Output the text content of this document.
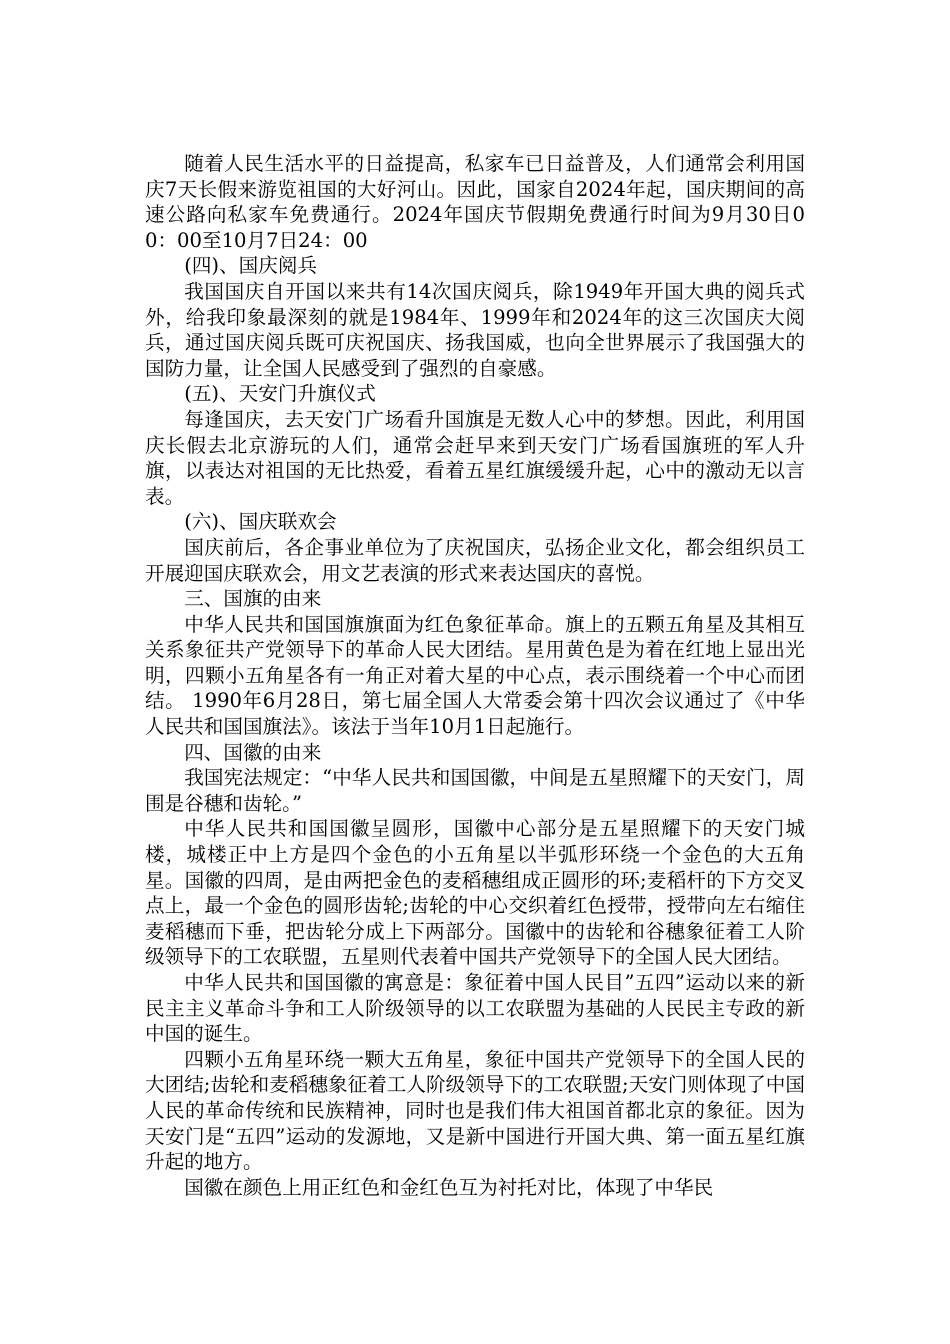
随着人民生活水平的日益提高，私家车已日益普及，人们通常会利用国庆7天长假来游览祖国的大好河山。因此，国家自2024年起，国庆期间的高速公路向私家车免费通行。2024年国庆节假期免费通行时间为9月30日00：00至10月7日24：00

(四)、国庆阅兵

我国国庆自开国以来共有14次国庆阅兵，除1949年开国大典的阅兵式外，给我印象最深刻的就是1984年、1999年和2024年的这三次国庆大阅兵，通过国庆阅兵既可庆祝国庆、扬我国威，也向全世界展示了我国强大的国防力量，让全国人民感受到了强烈的自豪感。

(五)、天安门升旗仪式

每逢国庆，去天安门广场看升国旗是无数人心中的梦想。因此，利用国庆长假去北京游玩的人们，通常会赶早来到天安门广场看国旗班的军人升旗，以表达对祖国的无比热爱，看着五星红旗缓缓升起，心中的激动无以言表。

(六)、国庆联欢会

国庆前后，各企事业单位为了庆祝国庆，弘扬企业文化，都会组织员工开展迎国庆联欢会，用文艺表演的形式来表达国庆的喜悦。

三、国旗的由来

中华人民共和国国旗旗面为红色象征革命。旗上的五颗五角星及其相互关系象征共产党领导下的革命人民大团结。星用黄色是为着在红地上显出光明，四颗小五角星各有一角正对着大星的中心点，表示围绕着一个中心而团结。 1990年6月28日，第七届全国人大常委会第十四次会议通过了《中华人民共和国国旗法》。该法于当年10月1日起施行。

四、国徽的由来

我国宪法规定：“中华人民共和国国徽，中间是五星照耀下的天安门，周围是谷穗和齿轮。”

中华人民共和国国徽呈圆形，国徽中心部分是五星照耀下的天安门城楼，城楼正中上方是四个金色的小五角星以半弧形环绕一个金色的大五角星。国徽的四周，是由两把金色的麦稻穗组成正圆形的环;麦稻杆的下方交叉点上，最一个金色的圆形齿轮;齿轮的中心交织着红色授带，授带向左右缩住麦稻穗而下垂，把齿轮分成上下两部分。国徽中的齿轮和谷穗象征着工人阶级领导下的工农联盟，五星则代表着中国共产党领导下的全国人民大团结。

中华人民共和国国徽的寓意是：象征着中国人民目”五四”运动以来的新民主主义革命斗争和工人阶级领导的以工农联盟为基础的人民民主专政的新中国的诞生。

四颗小五角星环绕一颗大五角星，象征中国共产党领导下的全国人民的大团结;齿轮和麦稻穗象征着工人阶级领导下的工农联盟;天安门则体现了中国人民的革命传统和民族精神，同时也是我们伟大祖国首都北京的象征。因为天安门是“五四”运动的发源地，又是新中国进行开国大典、第一面五星红旗升起的地方。

国徽在颜色上用正红色和金红色互为衬托对比，体现了中华民
